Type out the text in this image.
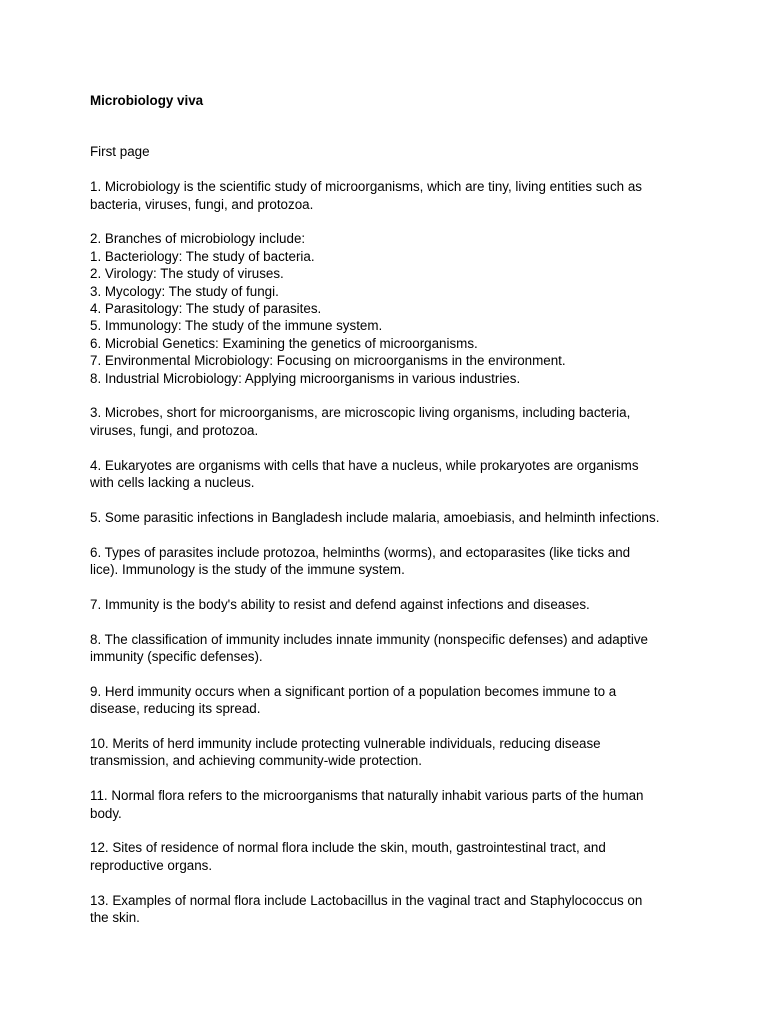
Microbiology viva

First page

1. Microbiology is the scientific study of microorganisms, which are tiny, living entities such as
bacteria, viruses, fungi, and protozoa.

2. Branches of microbiology include:
1. Bacteriology: The study of bacteria.
2. Virology: The study of viruses.
3. Mycology: The study of fungi.
4. Parasitology: The study of parasites.
5. Immunology: The study of the immune system.
6. Microbial Genetics: Examining the genetics of microorganisms.
7. Environmental Microbiology: Focusing on microorganisms in the environment.
8. Industrial Microbiology: Applying microorganisms in various industries.

3. Microbes, short for microorganisms, are microscopic living organisms, including bacteria,
viruses, fungi, and protozoa.

4. Eukaryotes are organisms with cells that have a nucleus, while prokaryotes are organisms
with cells lacking a nucleus.

5. Some parasitic infections in Bangladesh include malaria, amoebiasis, and helminth infections.

6. Types of parasites include protozoa, helminths (worms), and ectoparasites (like ticks and
lice). Immunology is the study of the immune system.

7. Immunity is the body's ability to resist and defend against infections and diseases.

8. The classification of immunity includes innate immunity (nonspecific defenses) and adaptive
immunity (specific defenses).

9. Herd immunity occurs when a significant portion of a population becomes immune to a
disease, reducing its spread.

10. Merits of herd immunity include protecting vulnerable individuals, reducing disease
transmission, and achieving community-wide protection.

11. Normal flora refers to the microorganisms that naturally inhabit various parts of the human
body.

12. Sites of residence of normal flora include the skin, mouth, gastrointestinal tract, and
reproductive organs.

13. Examples of normal flora include Lactobacillus in the vaginal tract and Staphylococcus on
the skin.
